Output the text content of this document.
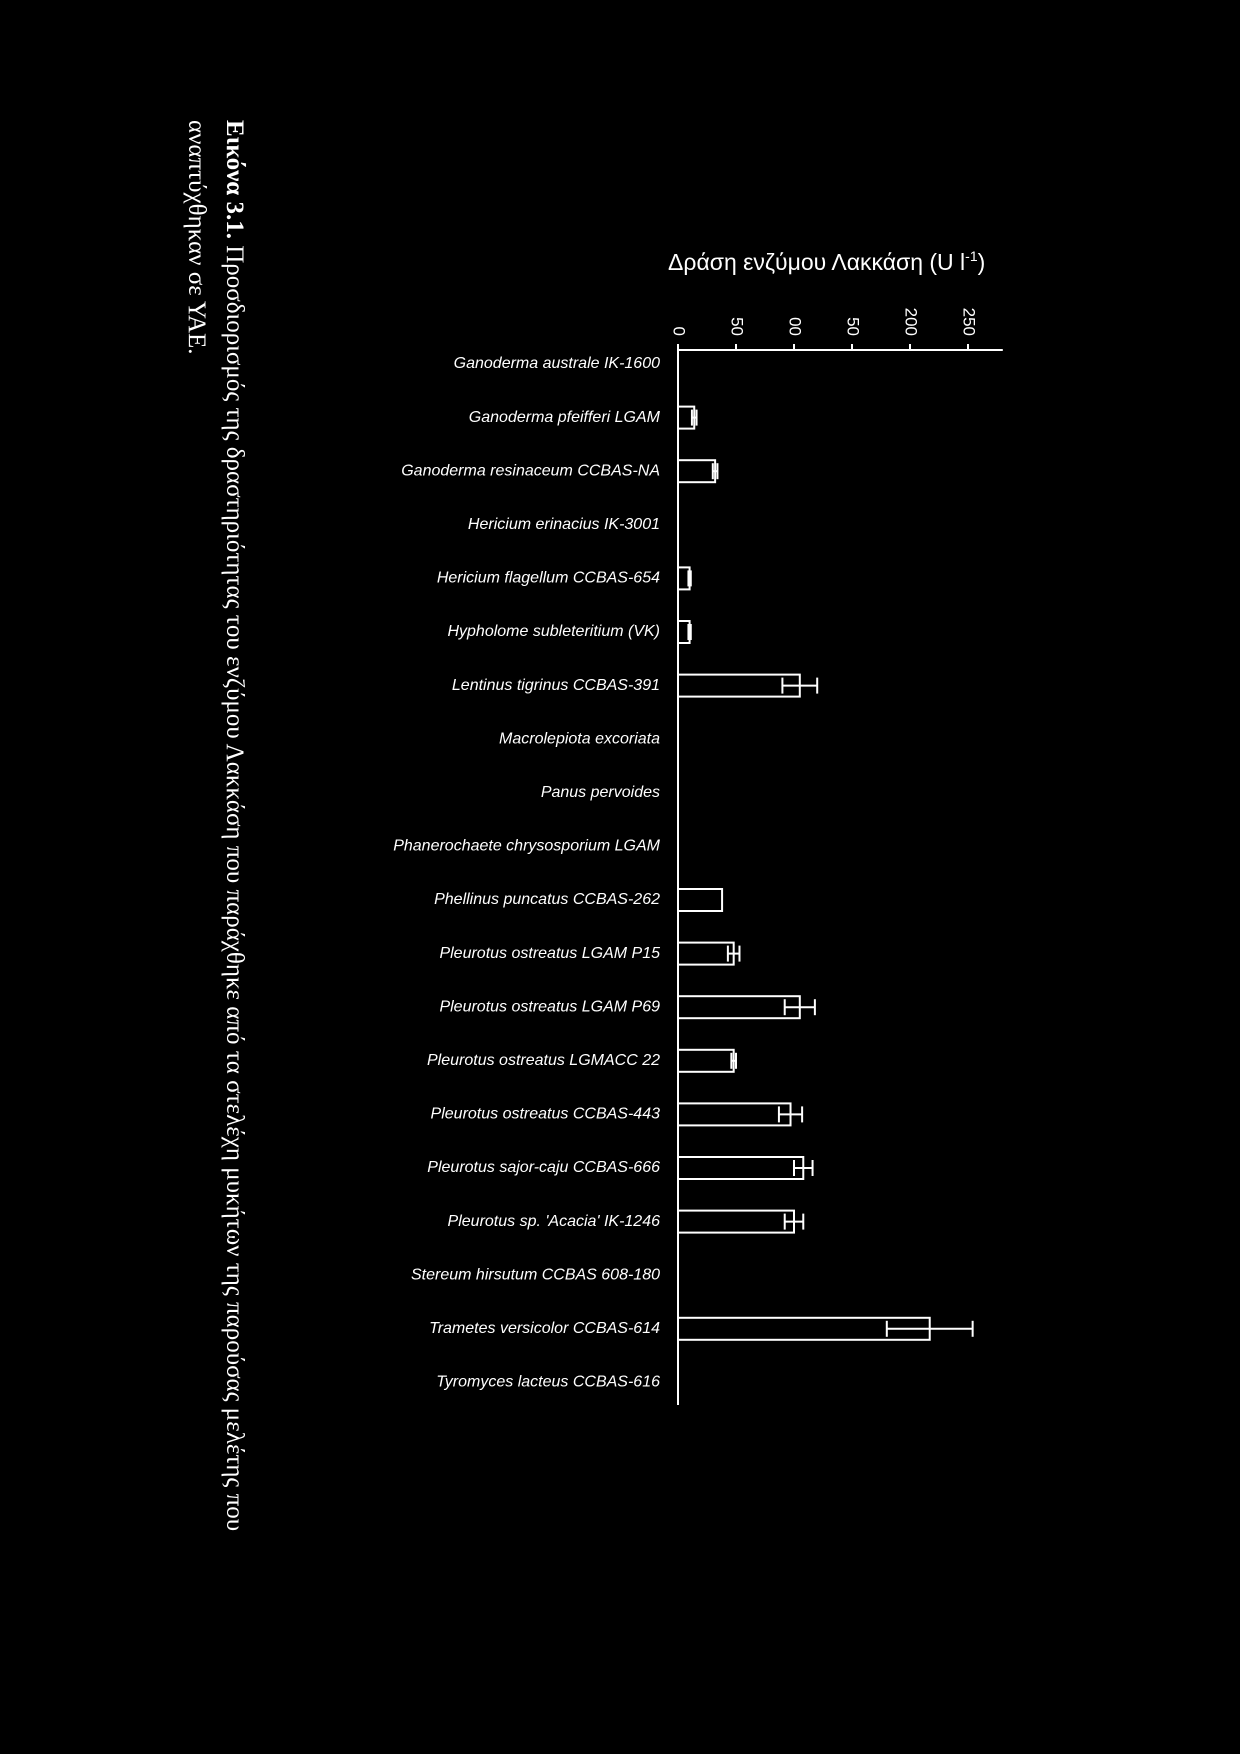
0 50 00 50 200 250
Δράση ενζύμου Λακκάση (U $l^{-1}$)
Ganoderma australe IK-1600
Ganoderma pfeifferi LGAM
Ganoderma resinaceum CCBAS-NA
Hericium erinacius IK-3001
Hericium flagellum CCBAS-654
Hypholome subleteritium (VK)
Lentinus tigrinus CCBAS-391
Macrolepiota excoriata
Panus pervoides
Phanerochaete chrysosporium LGAM
Phellinus puncatus CCBAS-262
Pleurotus ostreatus LGAM P15
Pleurotus ostreatus LGAM P69
Pleurotus ostreatus LGMACC 22
Pleurotus ostreatus CCBAS-443
Pleurotus sajor-caju CCBAS-666
Pleurotus sp. 'Acacia' IK-1246
Stereum hirsutum CCBAS 608-180
Trametes versicolor CCBAS-614
Tyromyces lacteus CCBAS-616
Εικόνα 3.1. Προσδιορισμός της δραστηριότητας του ενζύμου Λακκάση που παράχθηκε από τα στελέχη μυκήτων της παρούσας μελέτης που
αναπτύχθηκαν σε ΥΑΕ.
